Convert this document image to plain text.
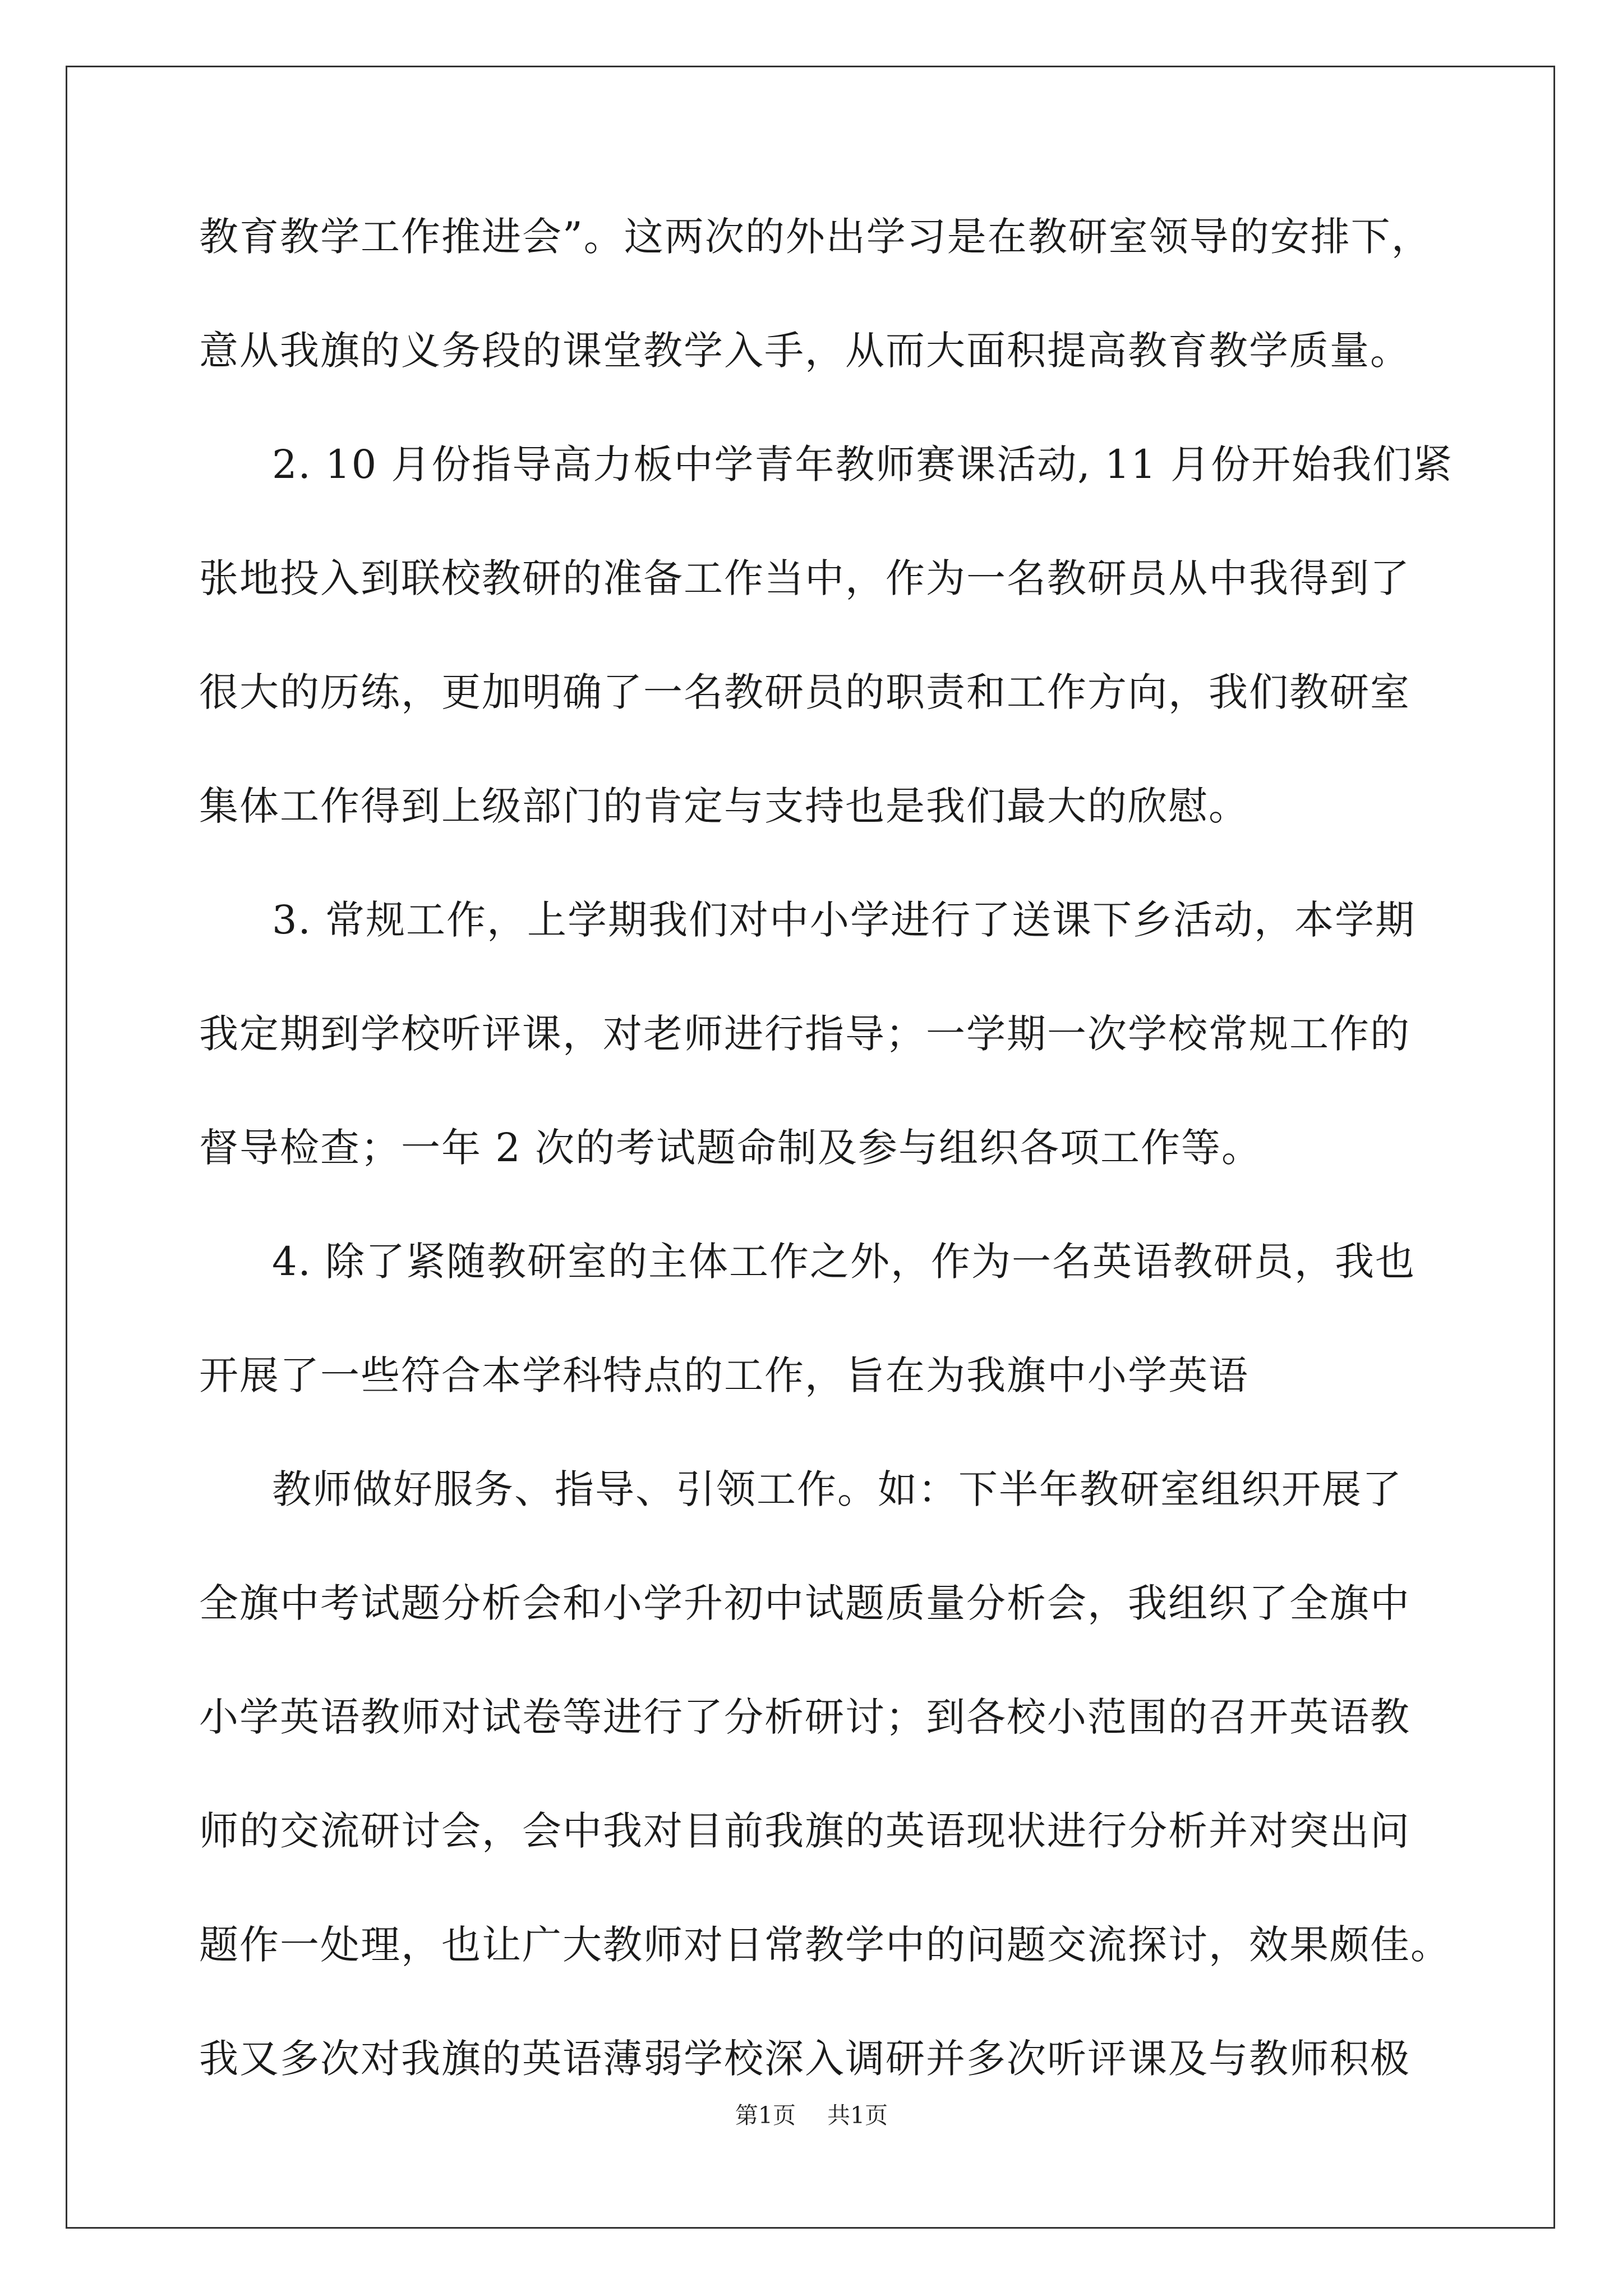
教育教学工作推进会”。这两次的外出学习是在教研室领导的安排下，
意从我旗的义务段的课堂教学入手，从而大面积提高教育教学质量。
2. 10 月份指导高力板中学青年教师赛课活动, 11 月份开始我们紧
张地投入到联校教研的准备工作当中，作为一名教研员从中我得到了
很大的历练，更加明确了一名教研员的职责和工作方向，我们教研室
集体工作得到上级部门的肯定与支持也是我们最大的欣慰。
3. 常规工作，上学期我们对中小学进行了送课下乡活动，本学期
我定期到学校听评课，对老师进行指导；一学期一次学校常规工作的
督导检查；一年 2 次的考试题命制及参与组织各项工作等。
4. 除了紧随教研室的主体工作之外，作为一名英语教研员，我也
开展了一些符合本学科特点的工作，旨在为我旗中小学英语
教师做好服务、指导、引领工作。如：下半年教研室组织开展了
全旗中考试题分析会和小学升初中试题质量分析会，我组织了全旗中
小学英语教师对试卷等进行了分析研讨；到各校小范围的召开英语教
师的交流研讨会，会中我对目前我旗的英语现状进行分析并对突出问
题作一处理，也让广大教师对日常教学中的问题交流探讨，效果颇佳。
我又多次对我旗的英语薄弱学校深入调研并多次听评课及与教师积极
第1页 共1页
